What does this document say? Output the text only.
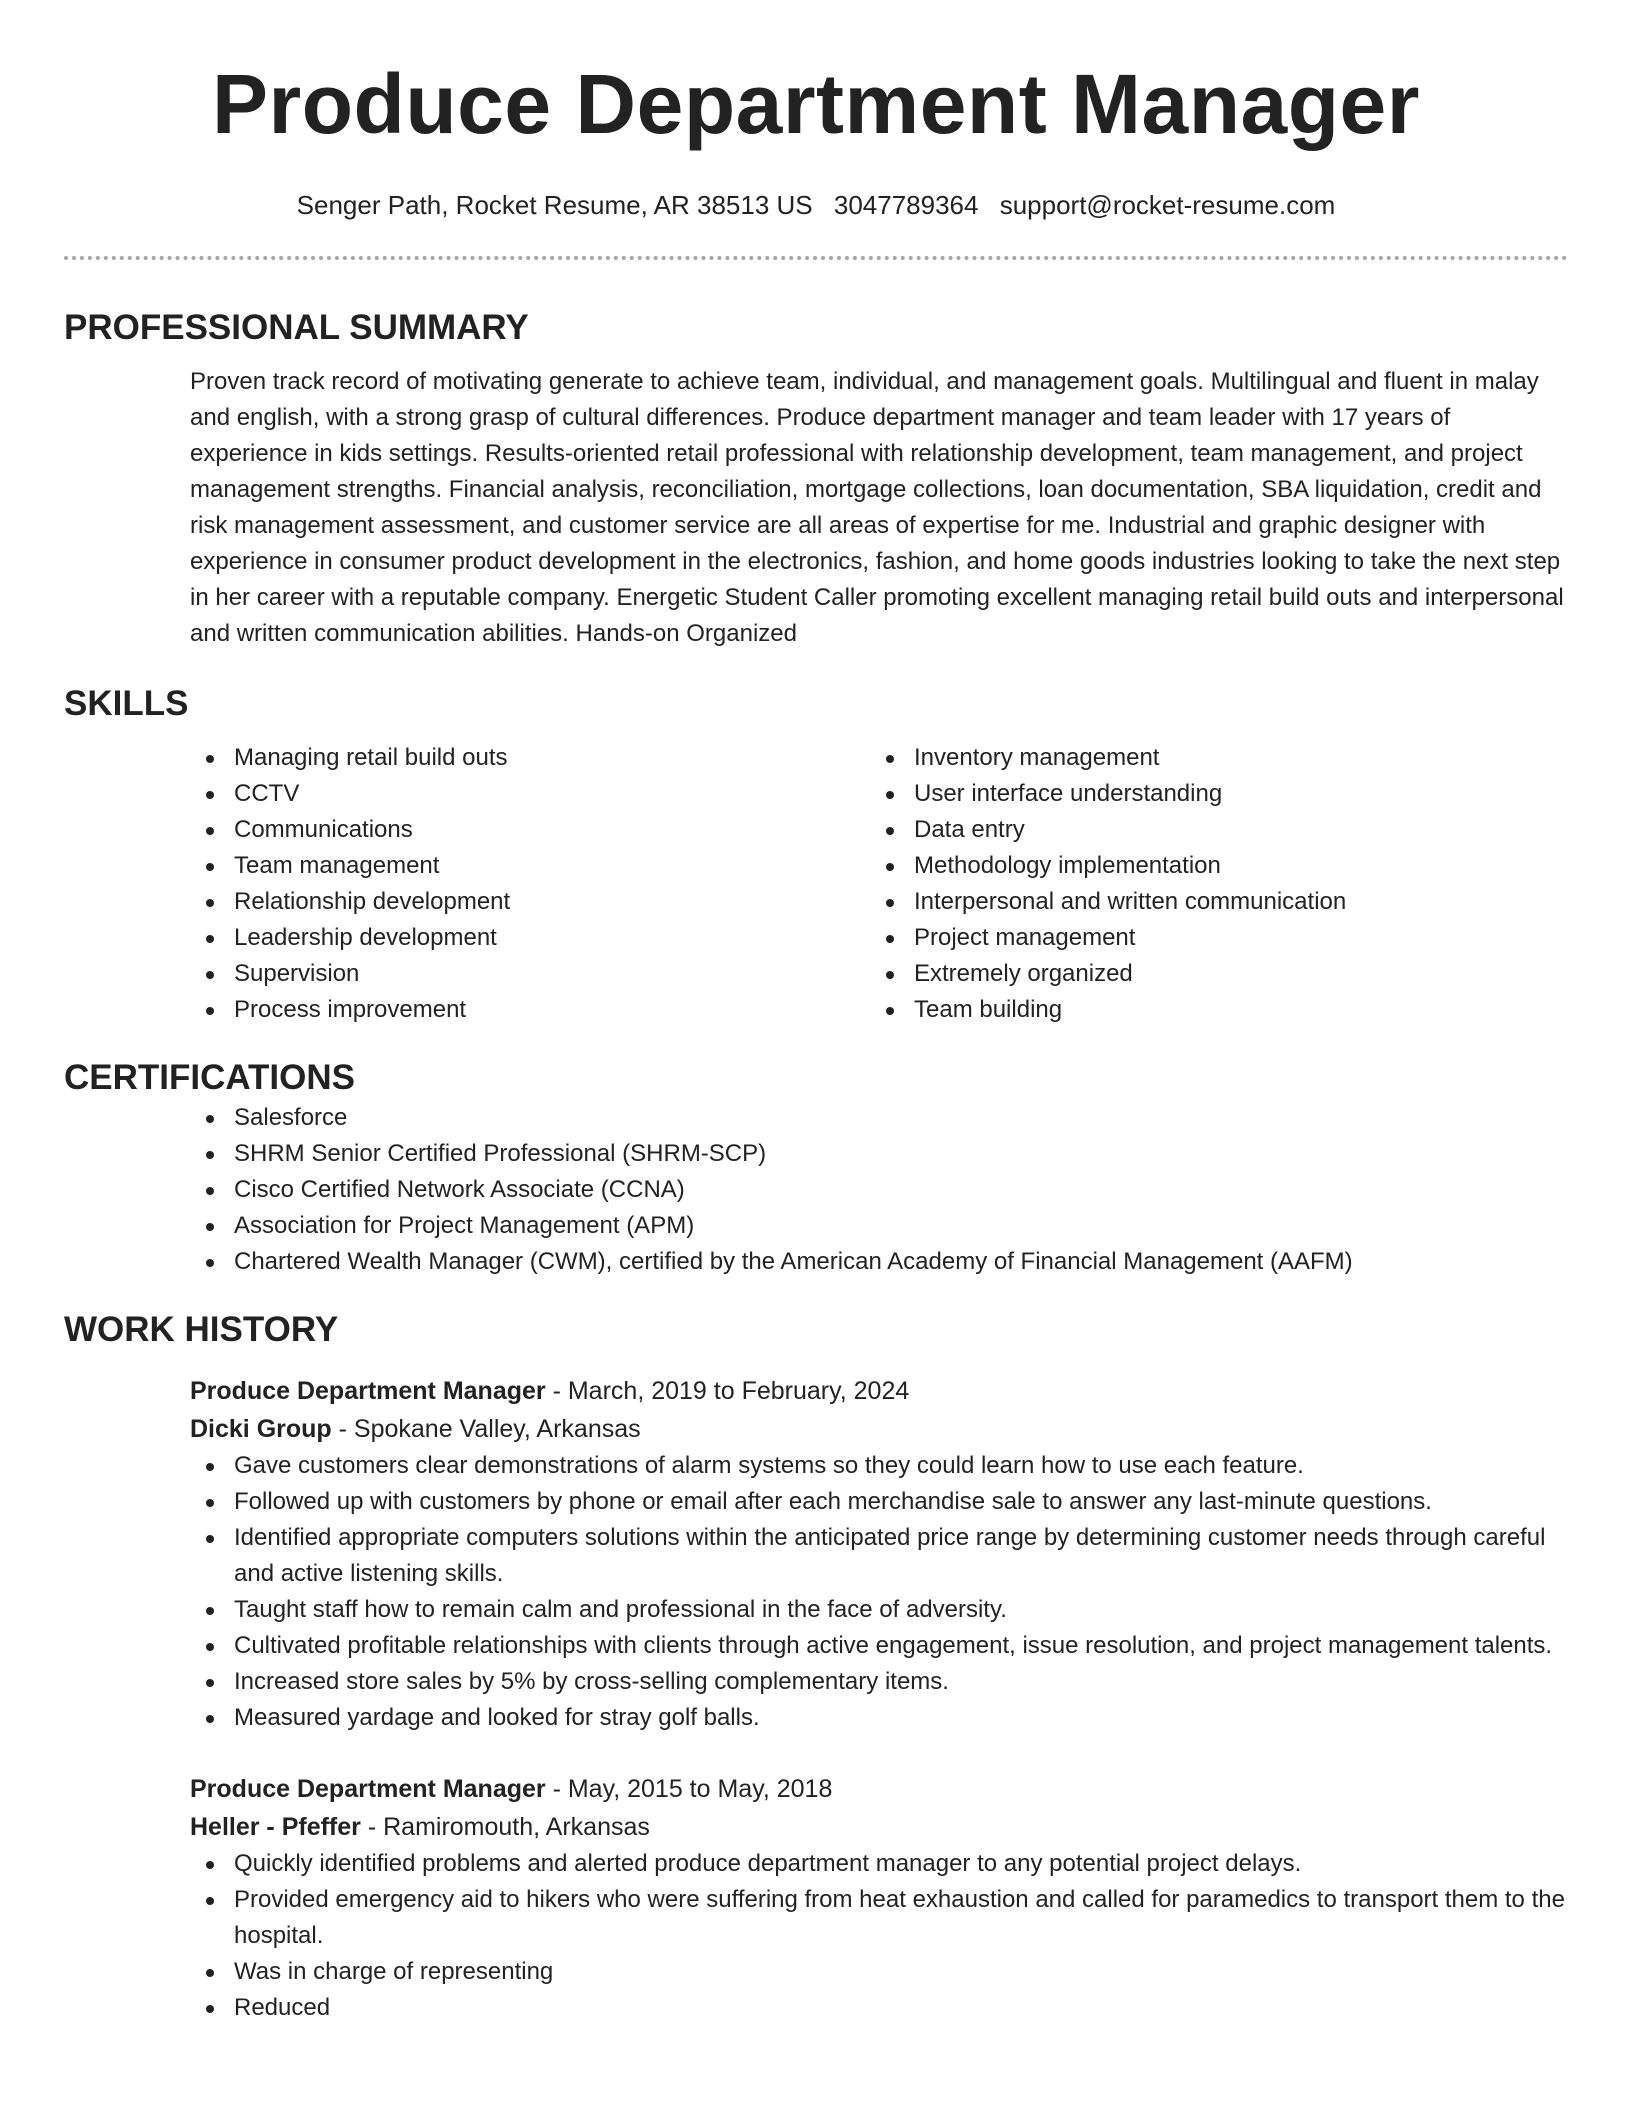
Produce Department Manager
Senger Path, Rocket Resume, AR 38513 US 3047789364 support@rocket-resume.com
PROFESSIONAL SUMMARY

Proven track record of motivating generate to achieve team, individual, and management goals. Multilingual and fluent in malay and english, with a strong grasp of cultural differences. Produce department manager and team leader with 17 years of experience in kids settings. Results-oriented retail professional with relationship development, team management, and project management strengths. Financial analysis, reconciliation, mortgage collections, loan documentation, SBA liquidation, credit and risk management assessment, and customer service are all areas of expertise for me. Industrial and graphic designer with experience in consumer product development in the electronics, fashion, and home goods industries looking to take the next step in her career with a reputable company. Energetic Student Caller promoting excellent managing retail build outs and interpersonal and written communication abilities. Hands-on Organized

SKILLS
Managing retail build outs
CCTV
Communications
Team management
Relationship development
Leadership development
Supervision
Process improvement
Inventory management
User interface understanding
Data entry
Methodology implementation
Interpersonal and written communication
Project management
Extremely organized
Team building
CERTIFICATIONS
Salesforce
SHRM Senior Certified Professional (SHRM-SCP)
Cisco Certified Network Associate (CCNA)
Association for Project Management (APM)
Chartered Wealth Manager (CWM), certified by the American Academy of Financial Management (AAFM)
WORK HISTORY
Produce Department Manager - March, 2019 to February, 2024
Dicki Group - Spokane Valley, Arkansas
Gave customers clear demonstrations of alarm systems so they could learn how to use each feature.
Followed up with customers by phone or email after each merchandise sale to answer any last-minute questions.
Identified appropriate computers solutions within the anticipated price range by determining customer needs through careful and active listening skills.
Taught staff how to remain calm and professional in the face of adversity.
Cultivated profitable relationships with clients through active engagement, issue resolution, and project management talents.
Increased store sales by 5% by cross-selling complementary items.
Measured yardage and looked for stray golf balls.
Produce Department Manager - May, 2015 to May, 2018
Heller - Pfeffer - Ramiromouth, Arkansas
Quickly identified problems and alerted produce department manager to any potential project delays.
Provided emergency aid to hikers who were suffering from heat exhaustion and called for paramedics to transport them to the hospital.
Was in charge of representing
Reduced
